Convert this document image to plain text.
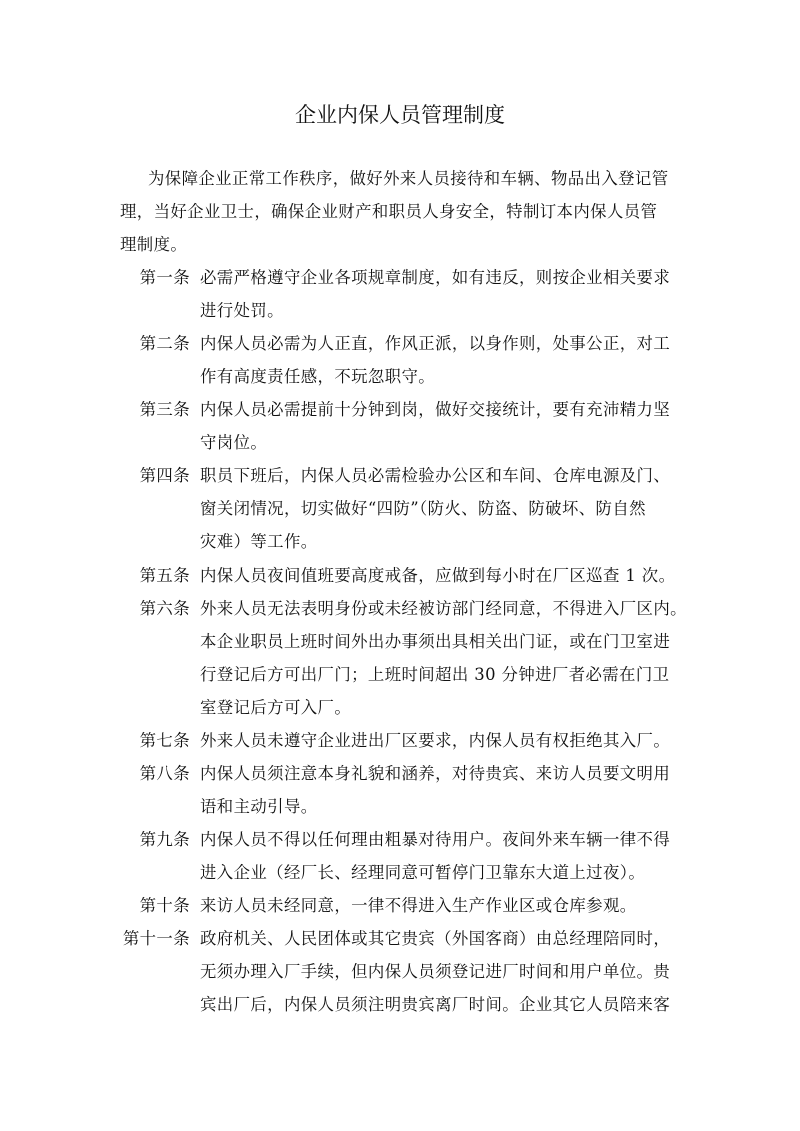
企业内保人员管理制度
为保障企业正常工作秩序，做好外来人员接待和车辆、物品出入登记管
理，当好企业卫士，确保企业财产和职员人身安全，特制订本内保人员管
理制度。
第一条 必需严格遵守企业各项规章制度，如有违反，则按企业相关要求
进行处罚。
第二条 内保人员必需为人正直，作风正派，以身作则，处事公正，对工
作有高度责任感，不玩忽职守。
第三条 内保人员必需提前十分钟到岗，做好交接统计，要有充沛精力坚
守岗位。
第四条 职员下班后，内保人员必需检验办公区和车间、仓库电源及门、
窗关闭情况，切实做好“四防”（防火、防盗、防破坏、防自然
灾难）等工作。
第五条 内保人员夜间值班要高度戒备，应做到每小时在厂区巡查 1 次。
第六条 外来人员无法表明身份或未经被访部门经同意，不得进入厂区内。
本企业职员上班时间外出办事须出具相关出门证，或在门卫室进
行登记后方可出厂门；上班时间超出 30 分钟进厂者必需在门卫
室登记后方可入厂。
第七条 外来人员未遵守企业进出厂区要求，内保人员有权拒绝其入厂。
第八条 内保人员须注意本身礼貌和涵养，对待贵宾、来访人员要文明用
语和主动引导。
第九条 内保人员不得以任何理由粗暴对待用户。夜间外来车辆一律不得
进入企业（经厂长、经理同意可暂停门卫靠东大道上过夜）。
第十条 来访人员未经同意，一律不得进入生产作业区或仓库参观。
第十一条 政府机关、人民团体或其它贵宾（外国客商）由总经理陪同时，
无须办理入厂手续，但内保人员须登记进厂时间和用户单位。贵
宾出厂后，内保人员须注明贵宾离厂时间。企业其它人员陪来客
